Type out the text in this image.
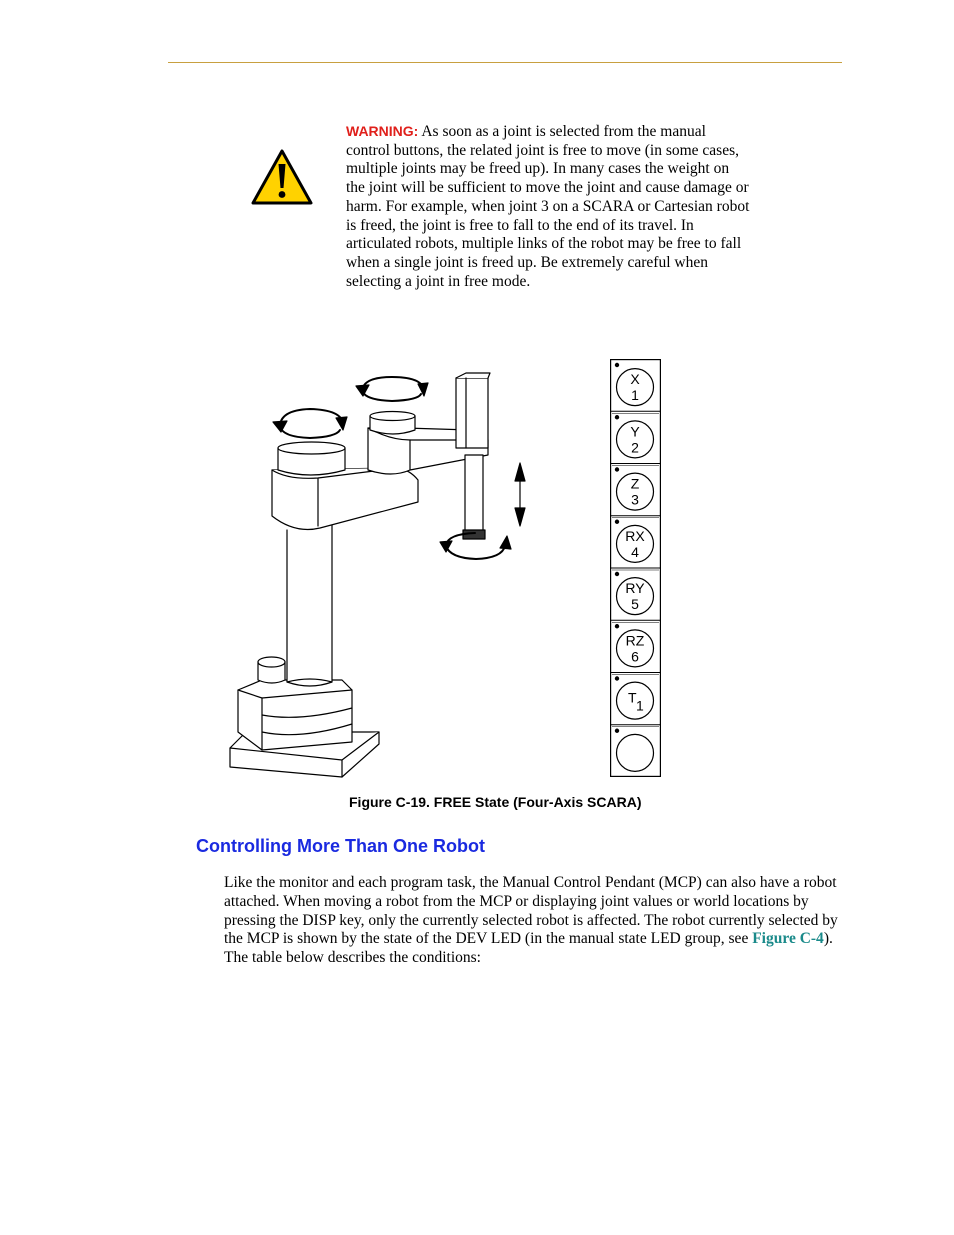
WARNING: As soon as a joint is selected from the manual control buttons, the related joint is free to move (in some cases, multiple joints may be freed up). In many cases the weight on the joint will be sufficient to move the joint and cause damage or harm. For example, when joint 3 on a SCARA or Cartesian robot is freed, the joint is free to fall to the end of its travel. In articulated robots, multiple links of the robot may be free to fall when a single joint is freed up. Be extremely careful when selecting a joint in free mode.
X
1
Y
2
Z
3
RX
4
RY
5
RZ
6
T 1
Figure C-19. FREE State (Four-Axis SCARA)
Controlling More Than One Robot

Like the monitor and each program task, the Manual Control Pendant (MCP) can also have a robot attached. When moving a robot from the MCP or displaying joint values or world locations by pressing the DISP key, only the currently selected robot is affected. The robot currently selected by the MCP is shown by the state of the DEV LED (in the manual state LED group, see Figure C-4). The table below describes the conditions:
